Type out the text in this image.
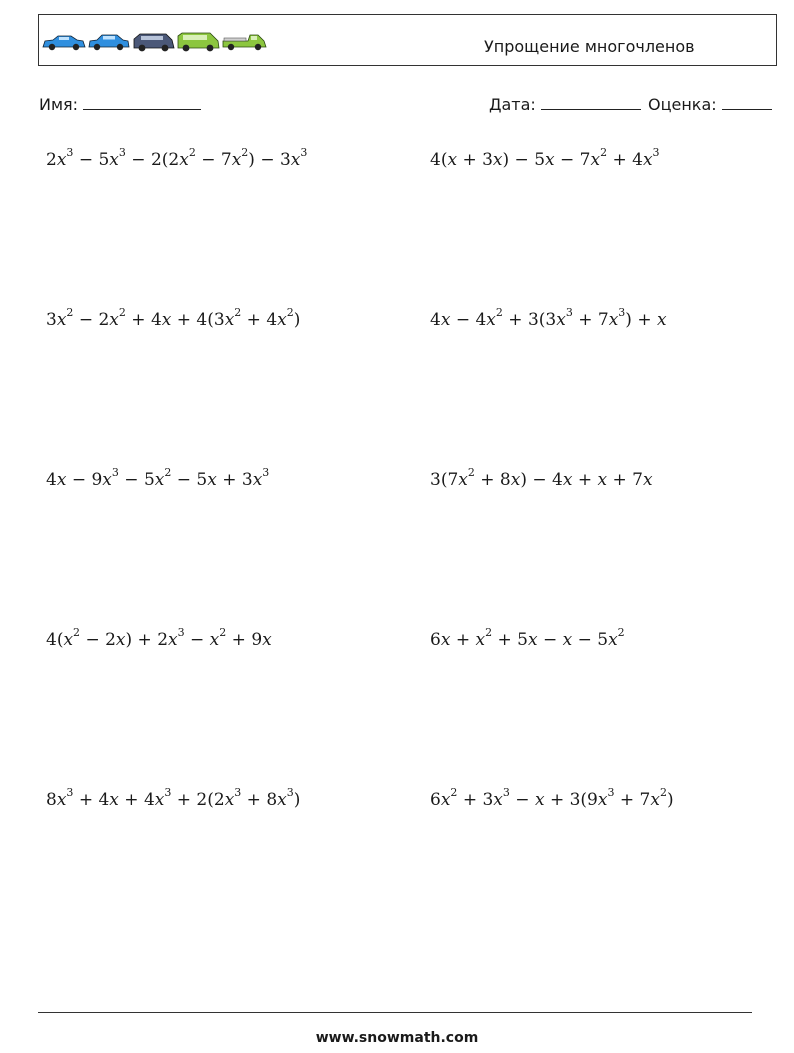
Упрощение многочленов
Имя:	Дата:	Оценка:
$2x^3 - 5x^3 - 2(2x^2 - 7x^2) - 3x^3$	$4(x + 3x) - 5x - 7x^2 + 4x^3$
$3x^2 - 2x^2 + 4x + 4(3x^2 + 4x^2)$	$4x - 4x^2 + 3(3x^3 + 7x^3) + x$
$4x - 9x^3 - 5x^2 - 5x + 3x^3$	$3(7x^2 + 8x) - 4x + x + 7x$
$4(x^2 - 2x) + 2x^3 - x^2 + 9x$	$6x + x^2 + 5x - x - 5x^2$
$8x^3 + 4x + 4x^3 + 2(2x^3 + 8x^3)$	$6x^2 + 3x^3 - x + 3(9x^3 + 7x^2)$
www.snowmath.com
